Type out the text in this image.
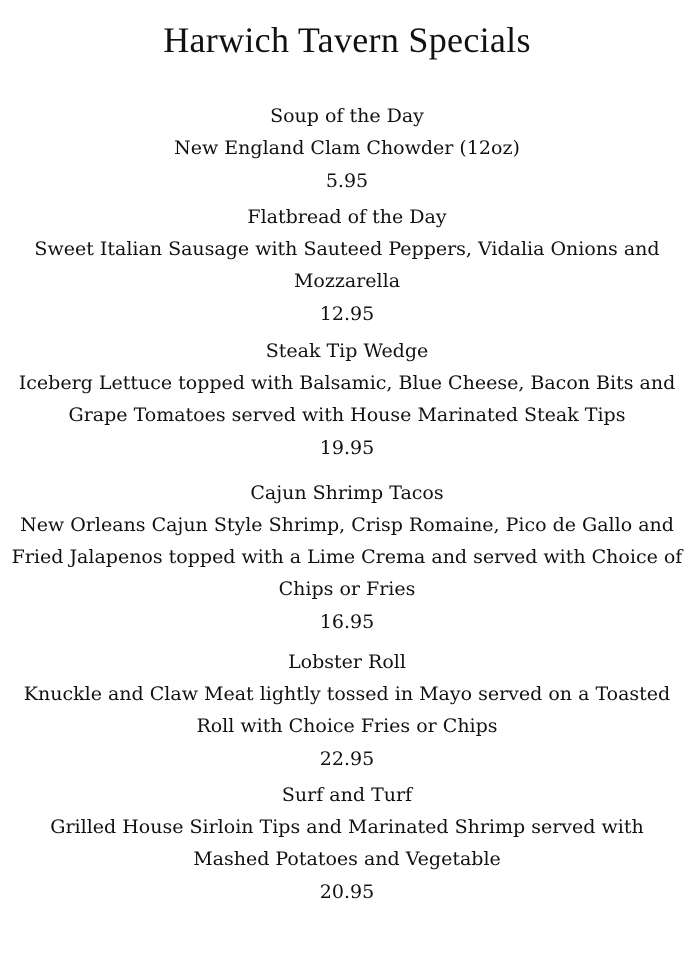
Harwich Tavern Specials
Soup of the Day
New England Clam Chowder (12oz)
5.95
Flatbread of the Day
Sweet Italian Sausage with Sauteed Peppers, Vidalia Onions and
Mozzarella
12.95
Steak Tip Wedge
Iceberg Lettuce topped with Balsamic, Blue Cheese, Bacon Bits and
Grape Tomatoes served with House Marinated Steak Tips
19.95
Cajun Shrimp Tacos
New Orleans Cajun Style Shrimp, Crisp Romaine, Pico de Gallo and
Fried Jalapenos topped with a Lime Crema and served with Choice of
Chips or Fries
16.95
Lobster Roll
Knuckle and Claw Meat lightly tossed in Mayo served on a Toasted
Roll with Choice Fries or Chips
22.95
Surf and Turf
Grilled House Sirloin Tips and Marinated Shrimp served with
Mashed Potatoes and Vegetable
20.95
